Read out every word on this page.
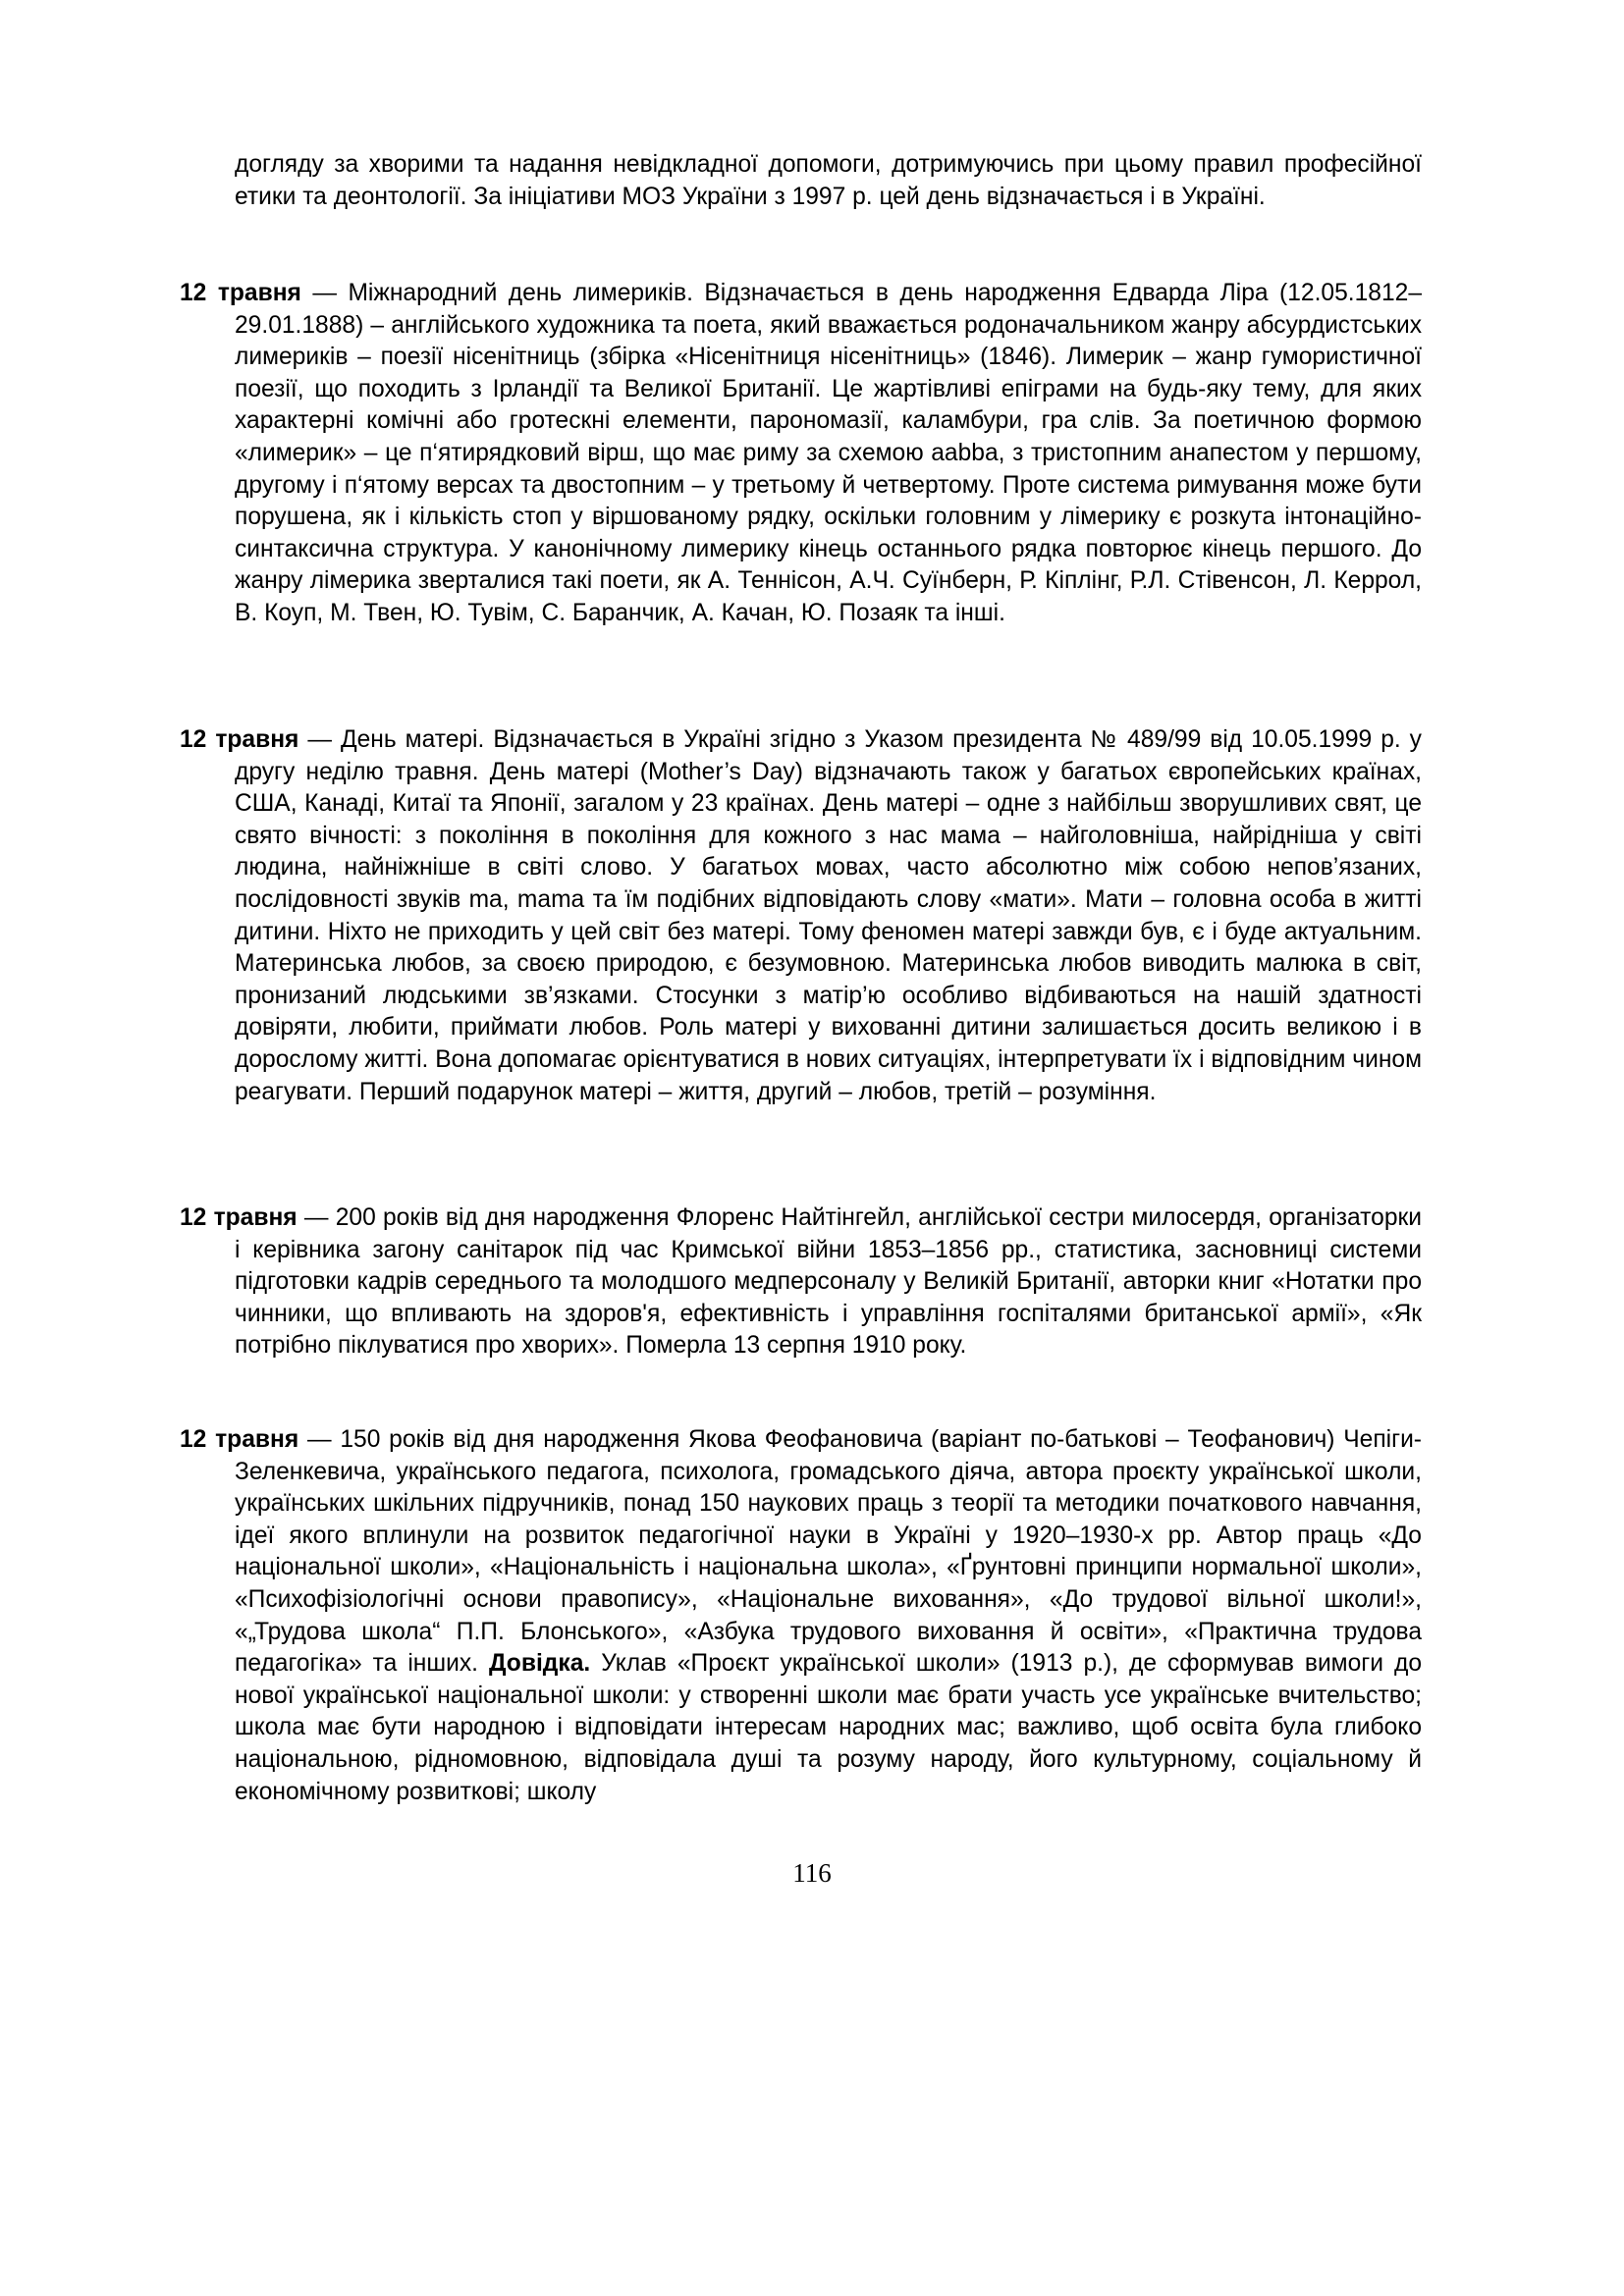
догляду за хворими та надання невідкладної допомоги, дотримуючись при цьому правил професійної етики та деонтології. За ініціативи МОЗ України з 1997 р. цей день відзначається і в Україні.

12 травня — Міжнародний день лимериків. Відзначається в день народження Едварда Ліра (12.05.1812–29.01.1888) – англійського художника та поета, який вважається родоначальником жанру абсурдистських лимериків – поезії нісенітниць (збірка «Нісенітниця нісенітниць» (1846). Лимерик – жанр гумористичної поезії, що походить з Ірландії та Великої Британії. Це жартівливі епіграми на будь-яку тему, для яких характерні комічні або гротескні елементи, парономазії, каламбури, гра слів. За поетичною формою «лимерик» – це п‘ятирядковий вірш, що має риму за схемою aabba, з тристопним анапестом у першому, другому і п‘ятому версах та двостопним – у третьому й четвертому. Проте система римування може бути порушена, як і кількість стоп у віршованому рядку, оскільки головним у лімерику є розкута інтонаційно-синтаксична структура. У канонічному лимерику кінець останнього рядка повторює кінець першого. До жанру лімерика зверталися такі поети, як А. Теннісон, А.Ч. Суїнберн, Р. Кіплінг, Р.Л. Стівенсон, Л. Керрол, В. Коуп, М. Твен, Ю. Тувім, С. Баранчик, А. Качан, Ю. Позаяк та інші.

12 травня — День матері. Відзначається в Україні згідно з Указом президента № 489/99 від 10.05.1999 р. у другу неділю травня. День матері (Mother’s Day) відзначають також у багатьох європейських країнах, США, Канаді, Китаї та Японії, загалом у 23 країнах. День матері – одне з найбільш зворушливих свят, це свято вічності: з покоління в покоління для кожного з нас мама – найголовніша, найрідніша у світі людина, найніжніше в світі слово. У багатьох мовах, часто абсолютно між собою непов’язаних, послідовності звуків ma, mama та їм подібних відповідають слову «мати». Мати – головна особа в житті дитини. Ніхто не приходить у цей світ без матері. Тому феномен матері завжди був, є і буде актуальним. Материнська любов, за своєю природою, є безумовною. Материнська любов виводить малюка в світ, пронизаний людськими зв’язками. Стосунки з матір’ю особливо відбиваються на нашій здатності довіряти, любити, приймати любов. Роль матері у вихованні дитини залишається досить великою і в дорослому житті. Вона допомагає орієнтуватися в нових ситуаціях, інтерпретувати їх і відповідним чином реагувати. Перший подарунок матері – життя, другий – любов, третій – розуміння.

12 травня — 200 років від дня народження Флоренс Найтінгейл, англійської сестри милосердя, організаторки і керівника загону санітарок під час Кримської війни 1853–1856 рр., статистика, засновниці системи підготовки кадрів середнього та молодшого медперсоналу у Великій Британії, авторки книг «Нотатки про чинники, що впливають на здоров'я, ефективність і управління госпіталями британської армії», «Як потрібно піклуватися про хворих». Померла 13 серпня 1910 року.

12 травня — 150 років від дня народження Якова Феофановича (варіант по-батькові – Теофанович) Чепіги-Зеленкевича, українського педагога, психолога, громадського діяча, автора проєкту української школи, українських шкільних підручників, понад 150 наукових праць з теорії та методики початкового навчання, ідеї якого вплинули на розвиток педагогічної науки в Україні у 1920–1930-х рр. Автор праць «До національної школи», «Національність і національна школа», «Ґрунтовні принципи нормальної школи», «Психофізіологічні основи правопису», «Національне виховання», «До трудової вільної школи!», «„Трудова школа“ П.П. Блонського», «Азбука трудового виховання й освіти», «Практична трудова педагогіка» та інших. Довідка. Уклав «Проєкт української школи» (1913 р.), де сформував вимоги до нової української національної школи: у створенні школи має брати участь усе українське вчительство; школа має бути народною і відповідати інтересам народних мас; важливо, щоб освіта була глибоко національною, рідномовною, відповідала душі та розуму народу, його культурному, соціальному й економічному розвиткові; школу

116
